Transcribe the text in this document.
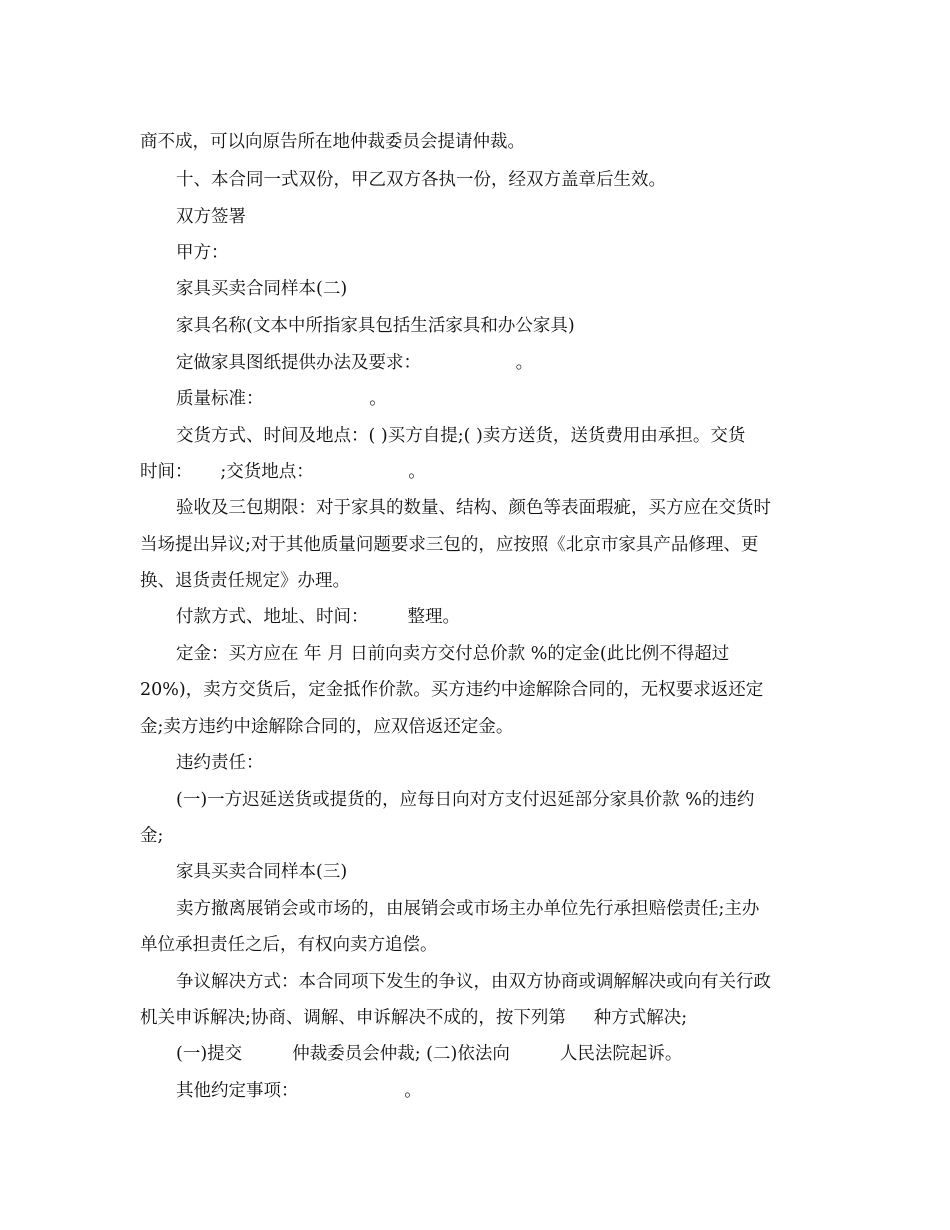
商不成，可以向原告所在地仲裁委员会提请仲裁。

十、本合同一式双份，甲乙双方各执一份，经双方盖章后生效。

双方签署

甲方：

家具买卖合同样本(二)

家具名称(文本中所指家具包括生活家具和办公家具)

定做家具图纸提供办法及要求：                 。

质量标准：                   。

交货方式、时间及地点：( )买方自提;( )卖方送货，送货费用由承担。交货

时间：     ;交货地点：                 。

验收及三包期限：对于家具的数量、结构、颜色等表面瑕疵，买方应在交货时

当场提出异议;对于其他质量问题要求三包的，应按照《北京市家具产品修理、更

换、退货责任规定》办理。

付款方式、地址、时间：       整理。

定金：买方应在 年 月 日前向卖方交付总价款 %的定金(此比例不得超过

20%)，卖方交货后，定金抵作价款。买方违约中途解除合同的，无权要求返还定

金;卖方违约中途解除合同的，应双倍返还定金。

违约责任：

(一)一方迟延送货或提货的，应每日向对方支付迟延部分家具价款 %的违约

金;

家具买卖合同样本(三)

卖方撤离展销会或市场的，由展销会或市场主办单位先行承担赔偿责任;主办

单位承担责任之后，有权向卖方追偿。

争议解决方式：本合同项下发生的争议，由双方协商或调解解决或向有关行政

机关申诉解决;协商、调解、申诉解决不成的，按下列第     种方式解决;

(一)提交         仲裁委员会仲裁; (二)依法向         人民法院起诉。

其他约定事项：                   。
